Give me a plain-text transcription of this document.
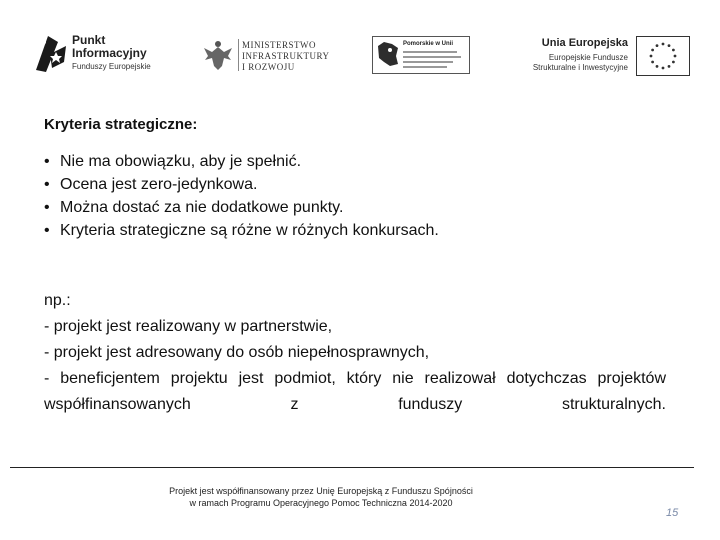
Punkt
Informacyjny
Funduszy Europejskie
MINISTERSTWO
INFRASTRUKTURY
I ROZWOJU
Pomorskie w Unii	Unia Europejska
Europejskie Fundusze
Strukturalne i Inwestycyjne
Kryteria strategiczne:
• Nie ma obowiązku, aby je spełnić.
• Ocena jest zero-jedynkowa.
• Można dostać za nie dodatkowe punkty.
• Kryteria strategiczne są różne w różnych konkursach.
np.:
- projekt jest realizowany w partnerstwie,
- projekt jest adresowany do osób niepełnosprawnych,
- beneficjentem projektu jest podmiot, który nie realizował dotychczas projektów współfinansowanych z funduszy strukturalnych.
Projekt jest współfinansowany przez Unię Europejską z Funduszu Spójności
w ramach Programu Operacyjnego Pomoc Techniczna 2014-2020
15
